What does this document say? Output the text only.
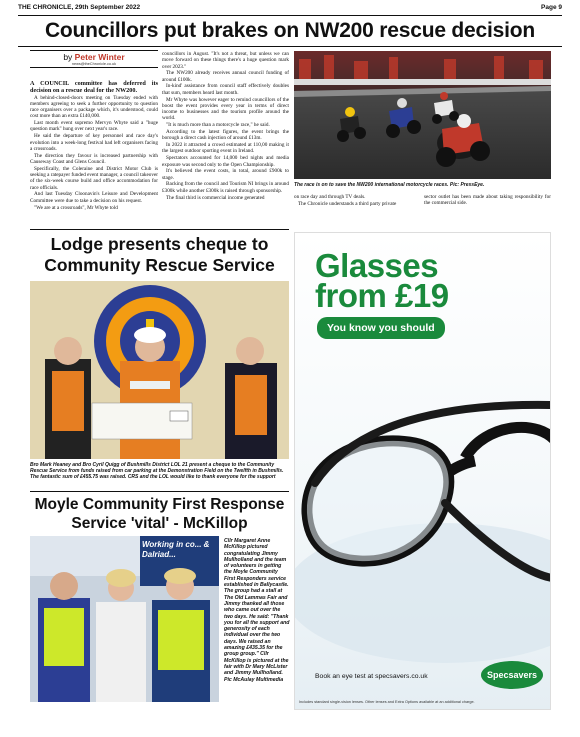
THE CHRONICLE, 29th September 2022	Page 9
Councillors put brakes on NW200 rescue decision
by Peter Winter
news@theChronicle.co.uk

A COUNCIL committee has deferred its decision on a rescue deal for the NW200.

A behind-closed-doors meeting on Tuesday ended with members agreeing to seek a further opportunity to question race organisers over a package which, it's understood, could cost more than an extra £140,000.

Last month event supremo Mervyn Whyte said a "huge question mark" hung over next year's race.

He said the departure of key personnel and race day's evolution into a week-long festival had left organisers facing a crossroads.

The direction they favour is increased partnership with Causeway Coast and Glens Council.

Specifically, the Coleraine and District Motor Club is seeking a ratepayer funded event manager, a council takeover of the six-week course build and office accommodation for race officials.

And last Tuesday Cloonavin's Leisure and Development Committee were due to take a decision on his request.

"We are at a crossroads", Mr Whyte told

councillors in August. "It's not a threat, but unless we can move forward on these things there's a huge question mark over 2023."

The NW200 already receives annual council funding of around £100k.

In-kind' assistance from council staff effectively doubles that sum, members heard last month.

Mr Whyte was however eager to remind councillors of the boost the event provides every year in terms of direct income to businesses and the tourism profile around the world.

"It is much more than a motorcycle race," he said.

According to the latest figures, the event brings the borough a direct cash injection of around £13m.

In 2022 it attracted a crowd estimated at 110,00 making it the largest outdoor sporting event in Ireland.

Spectators accounted for 14,000 bed nights and media exposure was second only to the Open Championship.

It's believed the event costs, in total, around £900k to stage.

Backing from the council and Tourism NI brings in around £300k while another £300k is raised through sponsorship.

The final third is commercial income generated

The race is on to save the NW200 international motorcycle races. Pic: PressEye.

on race day and through TV deals.

The Chronicle understands a third party private

sector outlet has been made about taking responsibility for the commercial side.

Lodge presents cheque to Community Rescue Service
Bro Mark Heaney and Bro Cyril Quigg of Bushmills District LOL 21 present a cheque to the Community Rescue Service from funds raised from car parking at the Demonstration Field on the Twelfth in Bushmills. The fantastic sum of £455.75 was raised. CRS and the LOL would like to thank everyone for the support
Moyle Community First Response Service 'vital' - McKillop
Working in co... & Dalriad...
Cllr Margaret Anne McKillop pictured congratulating Jimmy Mullholland and the team of volunteers in getting the Moyle Community First Responders service established in Ballycastle. The group had a stall at The Old Lammas Fair and Jimmy thanked all those who came out over the two days. He said: "Thank you for all the support and generosity of each individual over the two days. We raised an amazing £435.35 for the group group." Cllr McKillop is pictured at the fair with Dr Mary McLister and Jimmy Mullholland. Pic McAulay Multimedia
Glasses
from £19
You know you should
Book an eye test at specsavers.co.uk	Specsavers
Includes standard single-vision lenses. Other lenses and Extra Options available at an additional charge.
